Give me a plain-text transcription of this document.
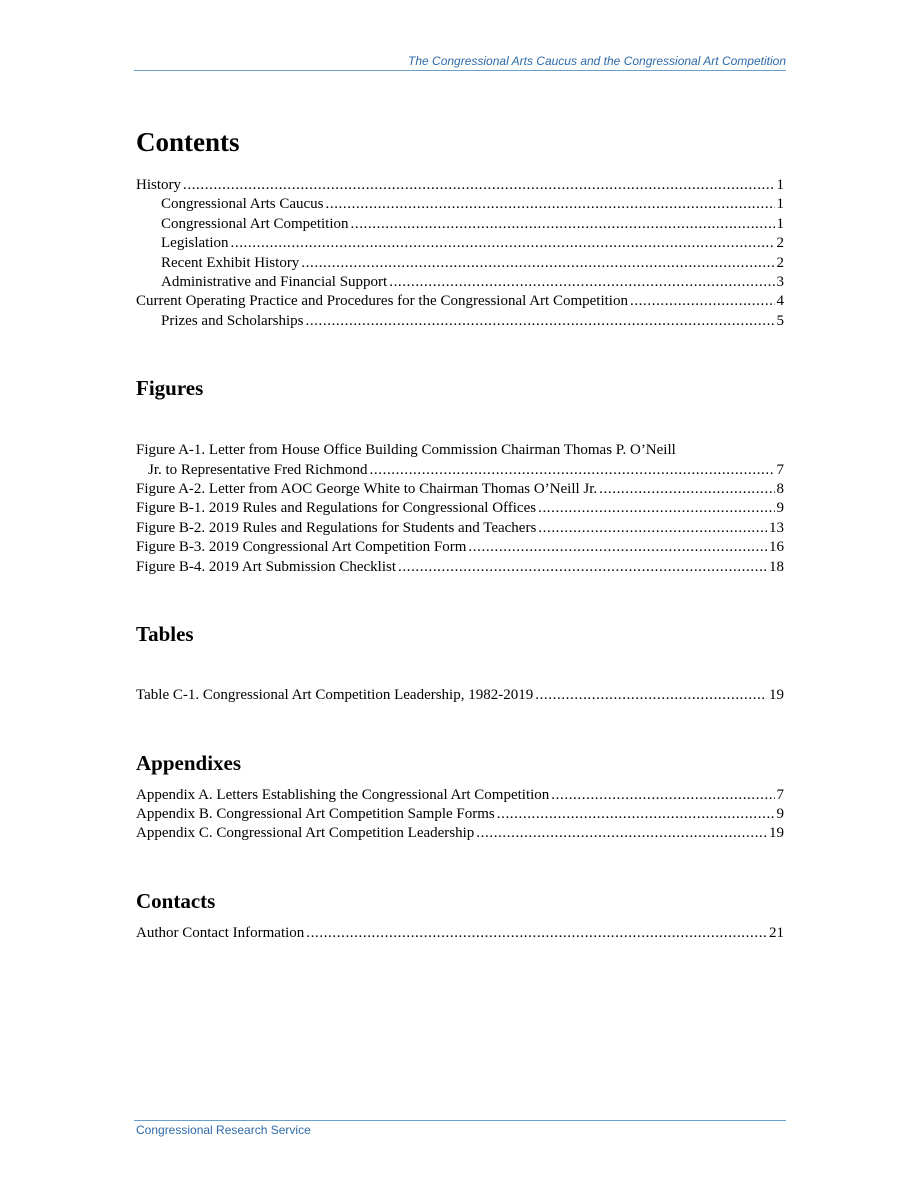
The Congressional Arts Caucus and the Congressional Art Competition
Contents
History .....	1
Congressional Arts Caucus .....	1
Congressional Art Competition .....	1
Legislation .....	2
Recent Exhibit History .....	2
Administrative and Financial Support .....	3
Current Operating Practice and Procedures for the Congressional Art Competition .....	4
Prizes and Scholarships .....	5
Figures
Figure A-1. Letter from House Office Building Commission Chairman Thomas P. O’Neill
Jr. to Representative Fred Richmond .....	7
Figure A-2. Letter from AOC George White to Chairman Thomas O’Neill Jr. .....	8
Figure B-1. 2019 Rules and Regulations for Congressional Offices .....	9
Figure B-2. 2019 Rules and Regulations for Students and Teachers .....	13
Figure B-3. 2019 Congressional Art Competition Form .....	16
Figure B-4. 2019 Art Submission Checklist .....	18
Tables
Table C-1. Congressional Art Competition Leadership, 1982-2019 .....	19
Appendixes
Appendix A. Letters Establishing the Congressional Art Competition .....	7
Appendix B. Congressional Art Competition Sample Forms .....	9
Appendix C. Congressional Art Competition Leadership .....	19
Contacts
Author Contact Information .....	21
Congressional Research Service
